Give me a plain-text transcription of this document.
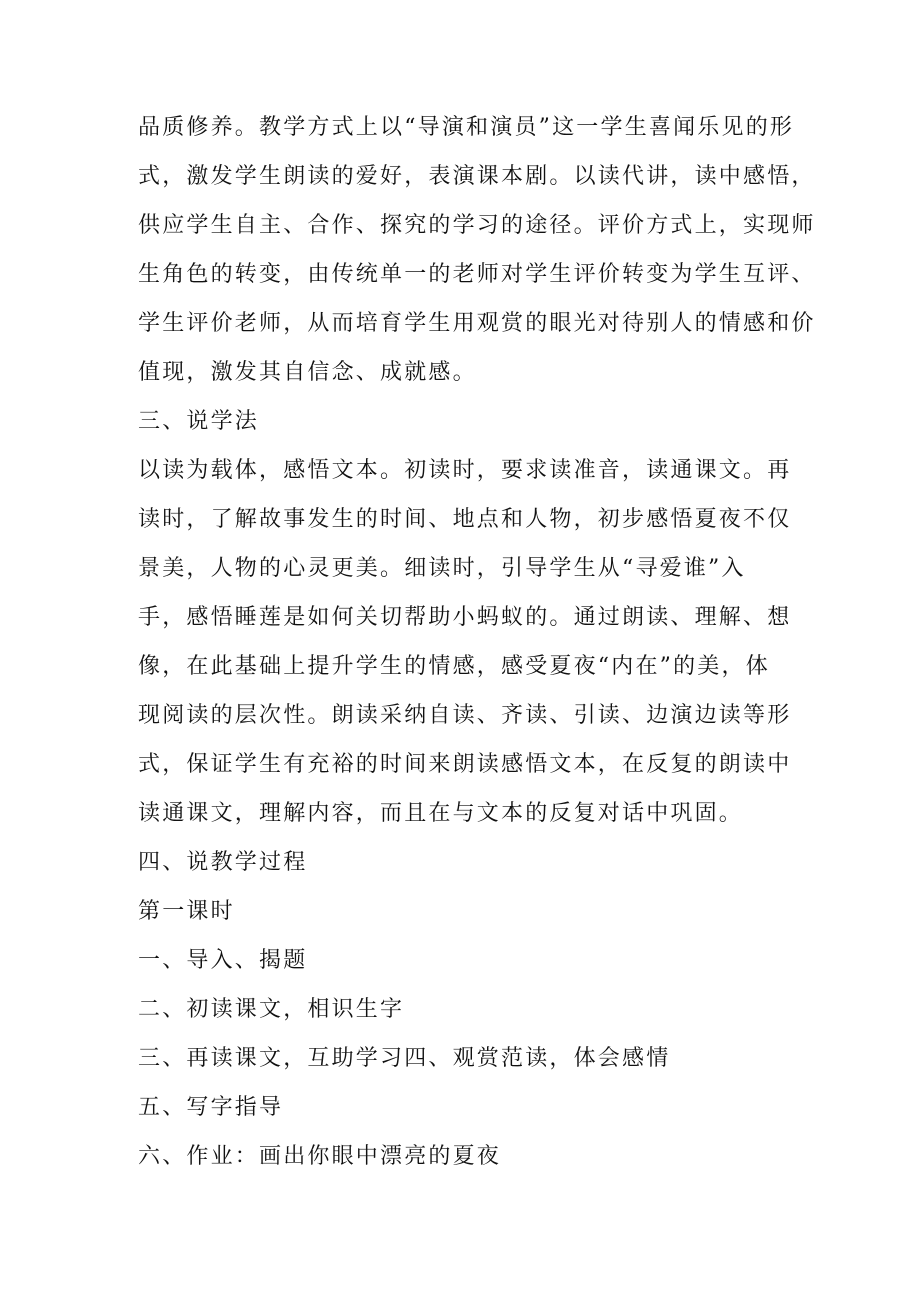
品质修养。教学方式上以“导演和演员”这一学生喜闻乐见的形
式，激发学生朗读的爱好，表演课本剧。以读代讲，读中感悟，
供应学生自主、合作、探究的学习的途径。评价方式上，实现师
生角色的转变，由传统单一的老师对学生评价转变为学生互评、
学生评价老师，从而培育学生用观赏的眼光对待别人的情感和价
值现，激发其自信念、成就感。
三、说学法
以读为载体，感悟文本。初读时，要求读准音，读通课文。再
读时，了解故事发生的时间、地点和人物，初步感悟夏夜不仅
景美，人物的心灵更美。细读时，引导学生从“寻爱谁”入
手，感悟睡莲是如何关切帮助小蚂蚁的。通过朗读、理解、想
像，在此基础上提升学生的情感，感受夏夜“内在”的美，体
现阅读的层次性。朗读采纳自读、齐读、引读、边演边读等形
式，保证学生有充裕的时间来朗读感悟文本，在反复的朗读中
读通课文，理解内容，而且在与文本的反复对话中巩固。
四、说教学过程
第一课时
一、导入、揭题
二、初读课文，相识生字
三、再读课文，互助学习四、观赏范读，体会感情
五、写字指导
六、作业：画出你眼中漂亮的夏夜
